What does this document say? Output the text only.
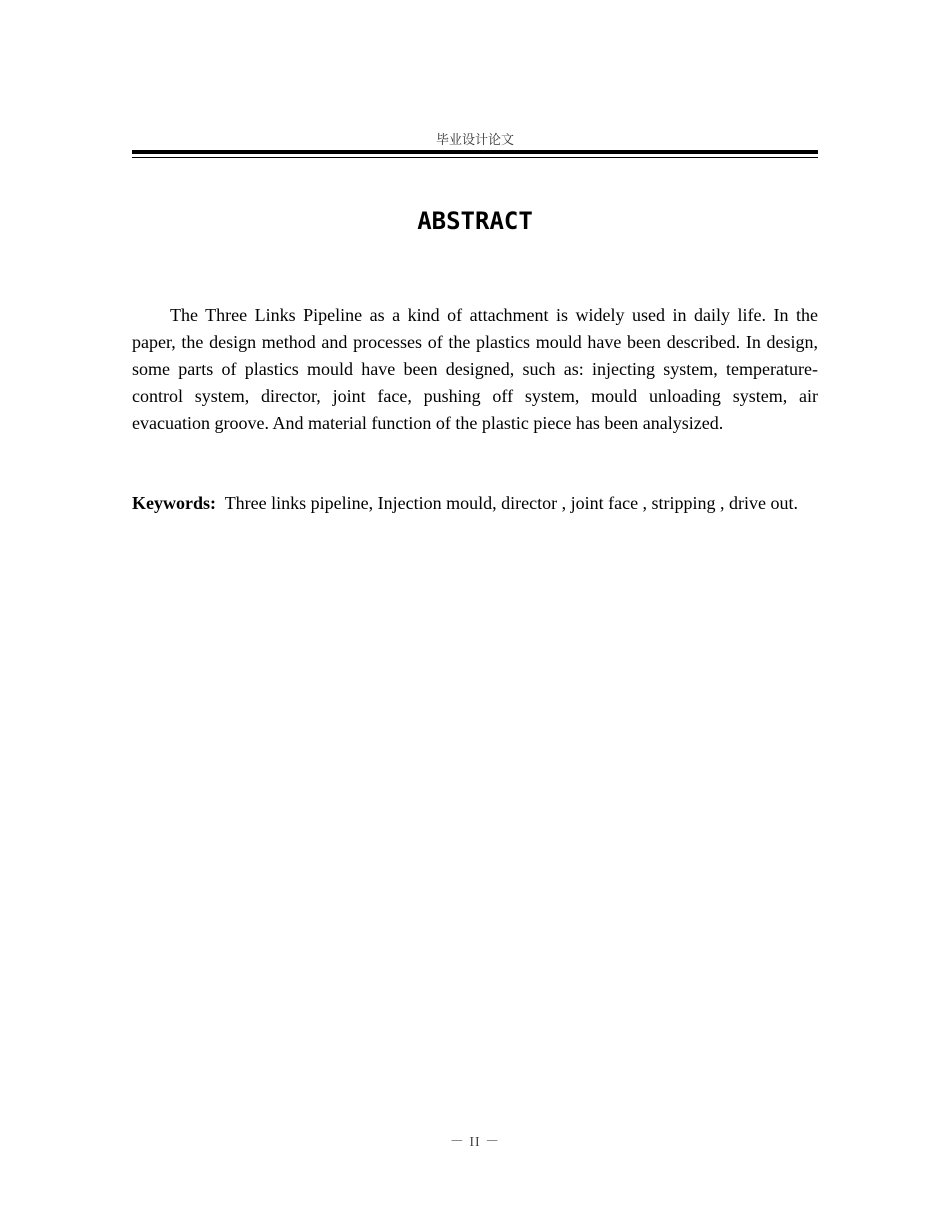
毕业设计论文
ABSTRACT

The Three Links Pipeline as a kind of attachment is widely used in daily life. In the paper, the design method and processes of the plastics mould have been described. In design, some parts of plastics mould have been designed, such as: injecting system, temperature-control system, director, joint face, pushing off system, mould unloading system, air evacuation groove. And material function of the plastic piece has been analysized.

Keywords: Three links pipeline, Injection mould, director , joint face , stripping , drive out.

－ II －
